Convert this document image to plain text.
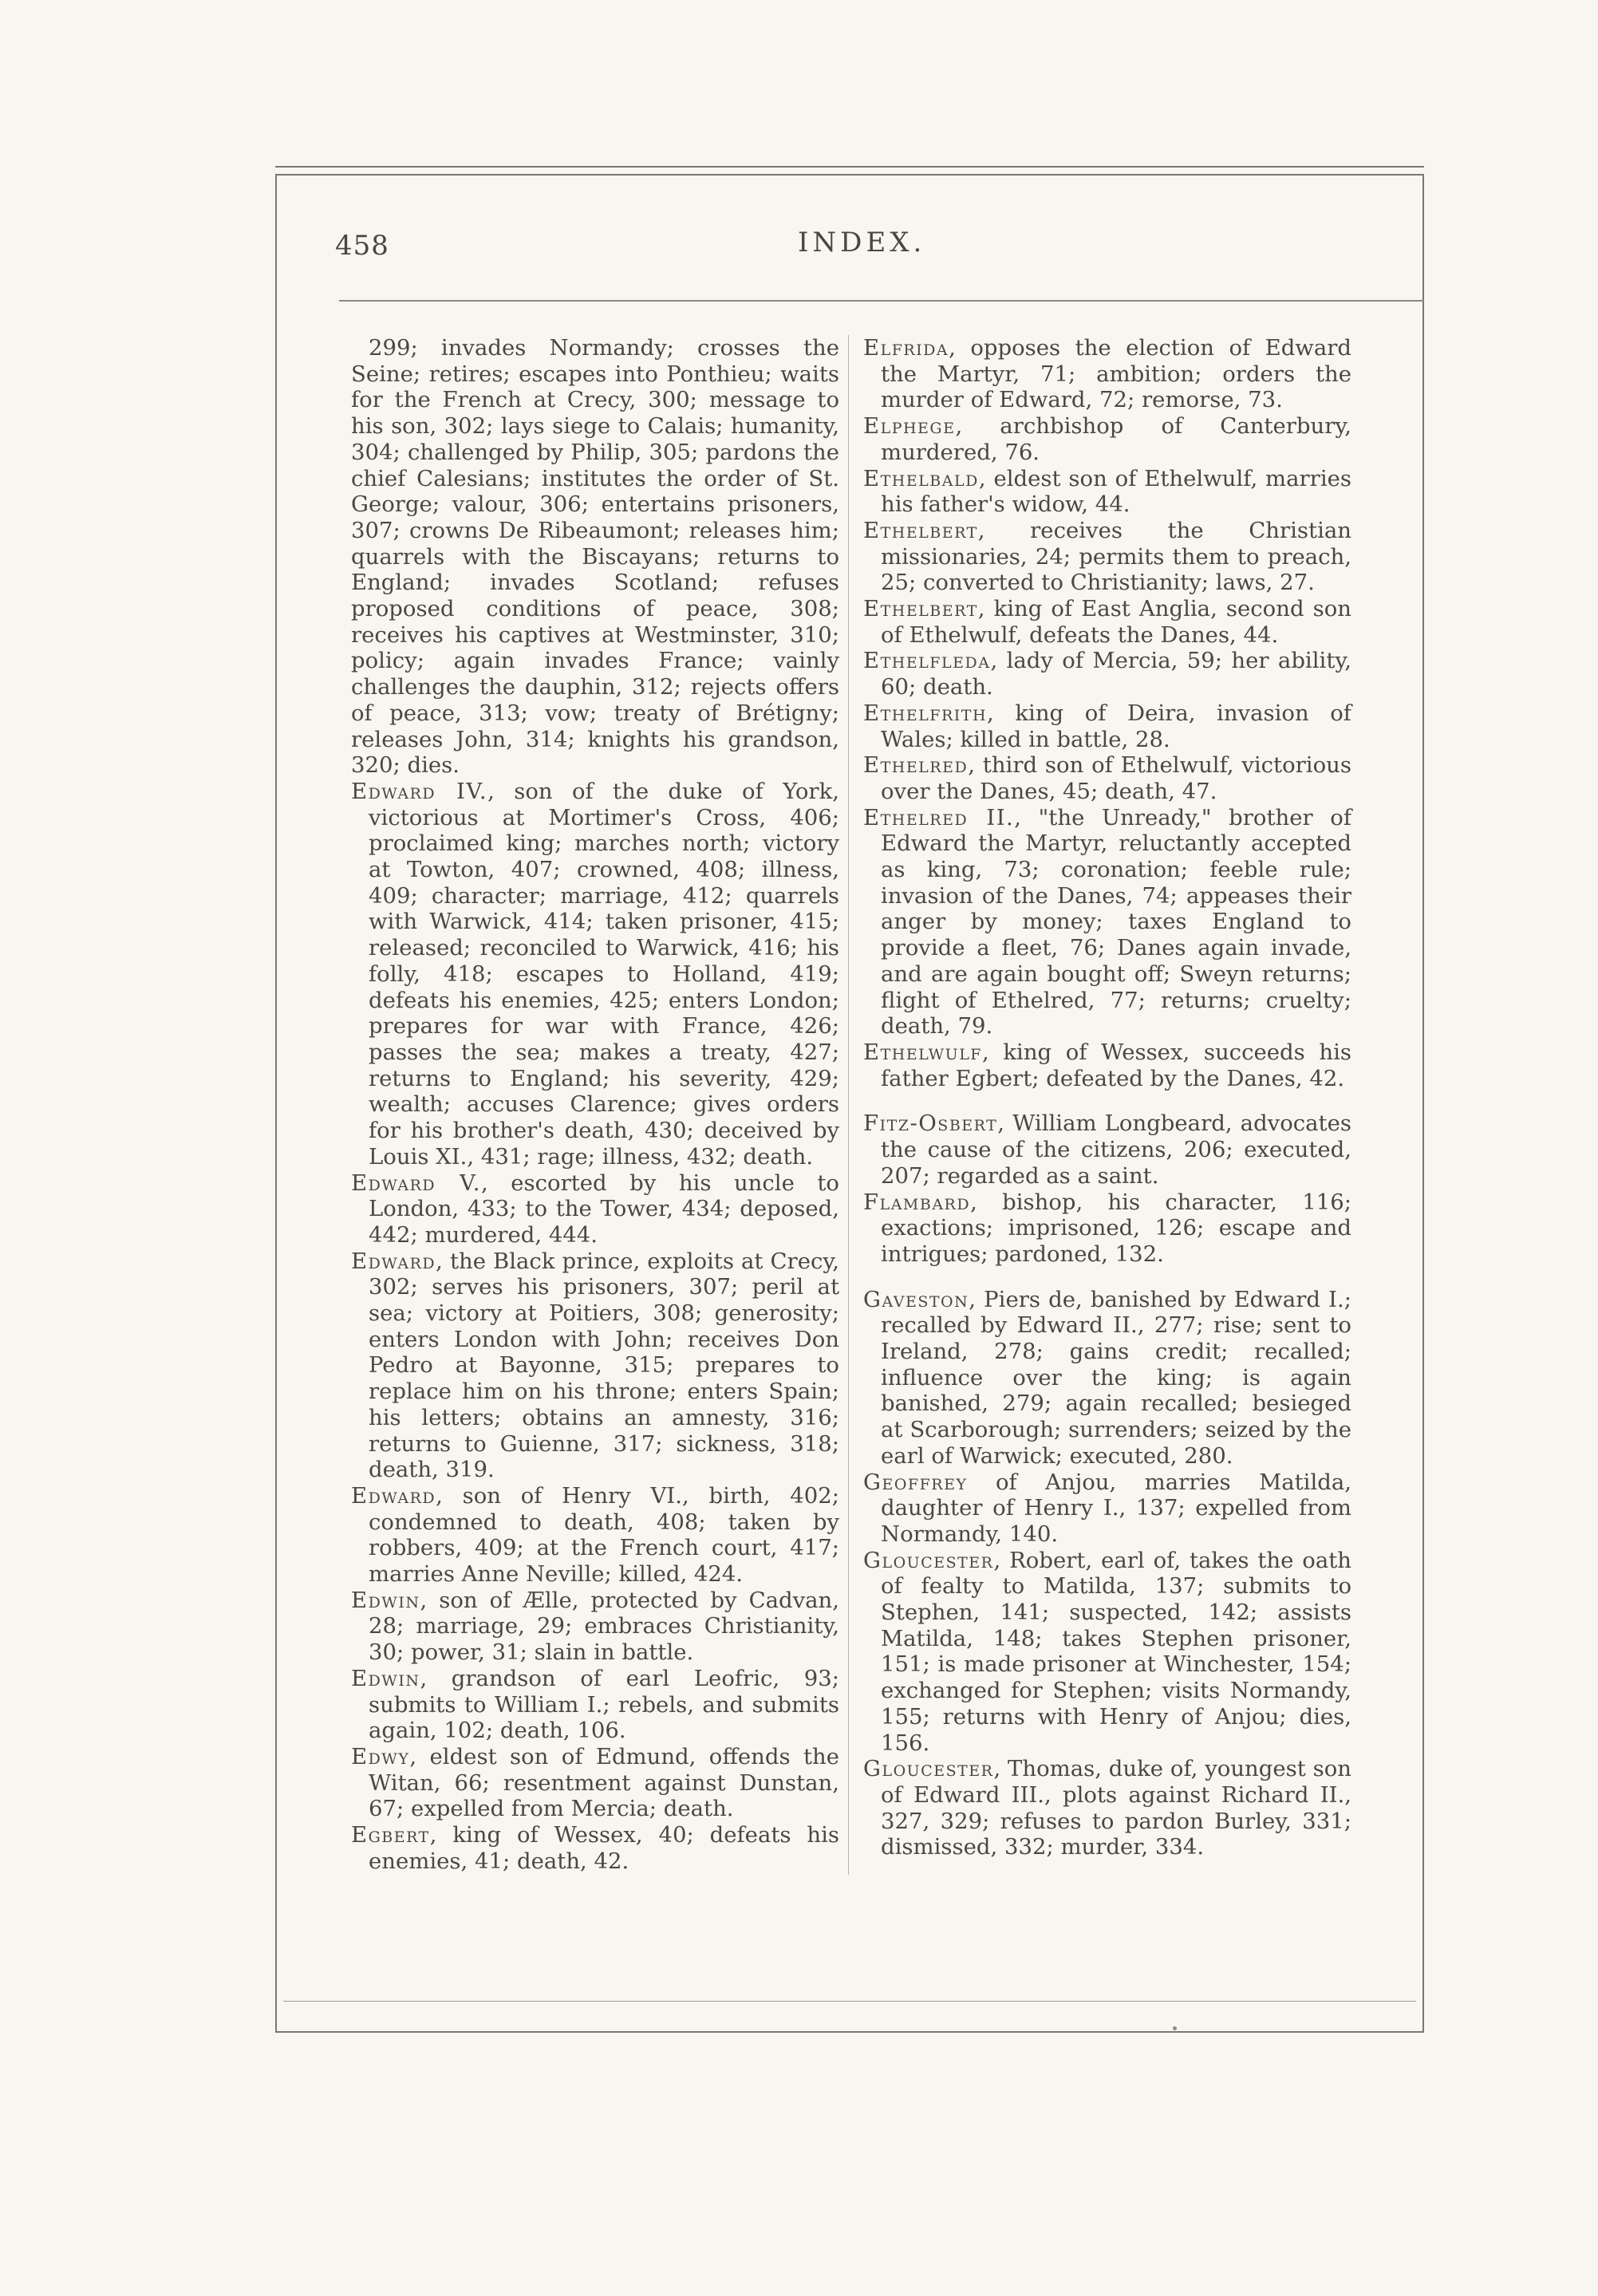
458	INDEX.

299; invades Normandy; crosses the Seine; retires; escapes into Ponthieu; waits for the French at Crecy, 300; message to his son, 302; lays siege to Calais; humanity, 304; challenged by Philip, 305; pardons the chief Calesians; institutes the order of St. George; valour, 306; entertains prisoners, 307; crowns De Ribeaumont; releases him; quarrels with the Biscayans; returns to England; invades Scotland; refuses proposed conditions of peace, 308; receives his captives at Westminster, 310; policy; again invades France; vainly challenges the dauphin, 312; rejects offers of peace, 313; vow; treaty of Brétigny; releases John, 314; knights his grandson, 320; dies.

Edward IV., son of the duke of York, victorious at Mortimer's Cross, 406; proclaimed king; marches north; victory at Towton, 407; crowned, 408; illness, 409; character; marriage, 412; quarrels with Warwick, 414; taken prisoner, 415; released; reconciled to Warwick, 416; his folly, 418; escapes to Holland, 419; defeats his enemies, 425; enters London; prepares for war with France, 426; passes the sea; makes a treaty, 427; returns to England; his severity, 429; wealth; accuses Clarence; gives orders for his brother's death, 430; deceived by Louis XI., 431; rage; illness, 432; death.

Edward V., escorted by his uncle to London, 433; to the Tower, 434; deposed, 442; murdered, 444.

Edward, the Black prince, exploits at Crecy, 302; serves his prisoners, 307; peril at sea; victory at Poitiers, 308; generosity; enters London with John; receives Don Pedro at Bayonne, 315; prepares to replace him on his throne; enters Spain; his letters; obtains an amnesty, 316; returns to Guienne, 317; sickness, 318; death, 319.

Edward, son of Henry VI., birth, 402; condemned to death, 408; taken by robbers, 409; at the French court, 417; marries Anne Neville; killed, 424.

Edwin, son of Ælle, protected by Cadvan, 28; marriage, 29; embraces Christianity, 30; power, 31; slain in battle.

Edwin, grandson of earl Leofric, 93; submits to William I.; rebels, and submits again, 102; death, 106.

Edwy, eldest son of Edmund, offends the Witan, 66; resentment against Dunstan, 67; expelled from Mercia; death.

Egbert, king of Wessex, 40; defeats his enemies, 41; death, 42.

Elfrida, opposes the election of Edward the Martyr, 71; ambition; orders the murder of Edward, 72; remorse, 73.

Elphege, archbishop of Canterbury, murdered, 76.

Ethelbald, eldest son of Ethelwulf, marries his father's widow, 44.

Ethelbert, receives the Christian missionaries, 24; permits them to preach, 25; converted to Christianity; laws, 27.

Ethelbert, king of East Anglia, second son of Ethelwulf, defeats the Danes, 44.

Ethelfleda, lady of Mercia, 59; her ability, 60; death.

Ethelfrith, king of Deira, invasion of Wales; killed in battle, 28.

Ethelred, third son of Ethelwulf, victorious over the Danes, 45; death, 47.

Ethelred II., "the Unready," brother of Edward the Martyr, reluctantly accepted as king, 73; coronation; feeble rule; invasion of the Danes, 74; appeases their anger by money; taxes England to provide a fleet, 76; Danes again invade, and are again bought off; Sweyn returns; flight of Ethelred, 77; returns; cruelty; death, 79.

Ethelwulf, king of Wessex, succeeds his father Egbert; defeated by the Danes, 42.

Fitz-Osbert, William Longbeard, advocates the cause of the citizens, 206; executed, 207; regarded as a saint.

Flambard, bishop, his character, 116; exactions; imprisoned, 126; escape and intrigues; pardoned, 132.

Gaveston, Piers de, banished by Edward I.; recalled by Edward II., 277; rise; sent to Ireland, 278; gains credit; recalled; influence over the king; is again banished, 279; again recalled; besieged at Scarborough; surrenders; seized by the earl of Warwick; executed, 280.

Geoffrey of Anjou, marries Matilda, daughter of Henry I., 137; expelled from Normandy, 140.

Gloucester, Robert, earl of, takes the oath of fealty to Matilda, 137; submits to Stephen, 141; suspected, 142; assists Matilda, 148; takes Stephen prisoner, 151; is made prisoner at Winchester, 154; exchanged for Stephen; visits Normandy, 155; returns with Henry of Anjou; dies, 156.

Gloucester, Thomas, duke of, youngest son of Edward III., plots against Richard II., 327, 329; refuses to pardon Burley, 331; dismissed, 332; murder, 334.
